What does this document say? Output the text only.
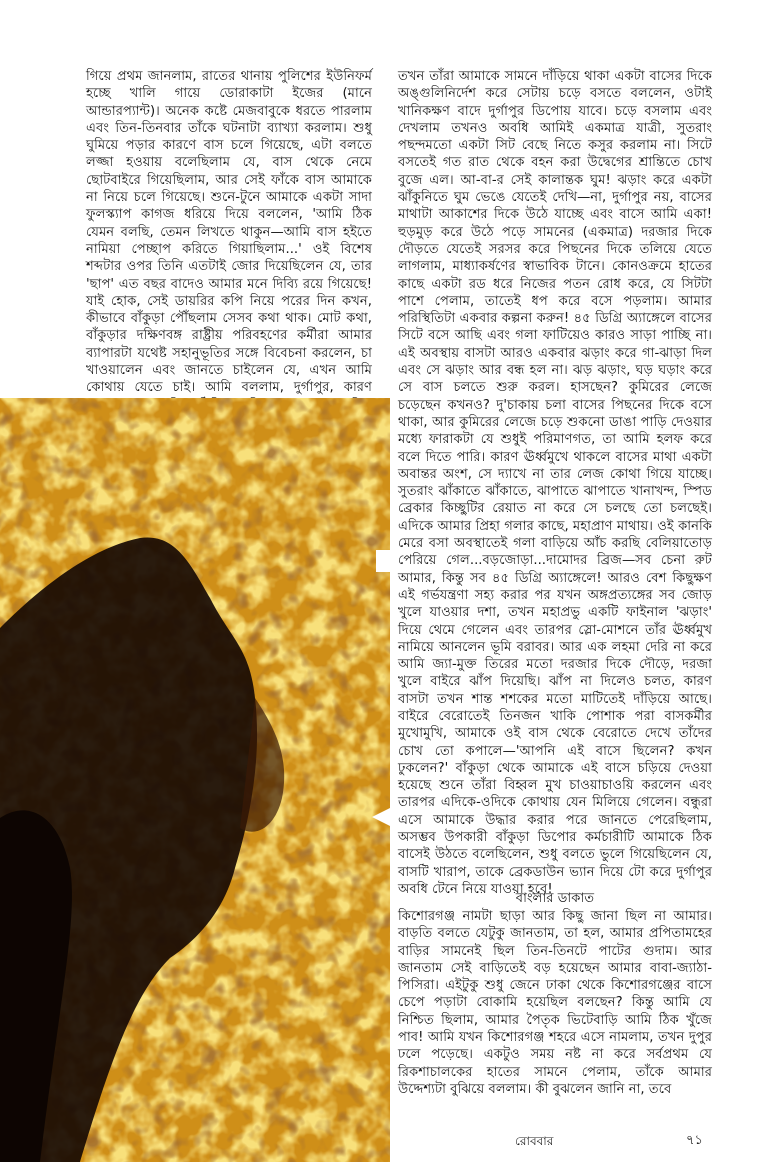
গিয়ে প্রথম জানলাম, রাতের থানায় পুলিশের ইউনিফর্ম হচ্ছে খালি গায়ে ডোরাকাটা ইজের (মানে আন্ডারপ্যান্ট)। অনেক কষ্টে মেজবাবুকে ধরতে পারলাম এবং তিন-তিনবার তাঁকে ঘটনাটা ব্যাখ্যা করলাম। শুধু ঘুমিয়ে পড়ার কারণে বাস চলে গিয়েছে, এটা বলতে লজ্জা হওয়ায় বলেছিলাম যে, বাস থেকে নেমে ছোটবাইরে গিয়েছিলাম, আর সেই ফাঁকে বাস আমাকে না নিয়ে চলে গিয়েছে। শুনে-টুনে আমাকে একটা সাদা ফুলস্ক্যাপ কাগজ ধরিয়ে দিয়ে বললেন, 'আমি ঠিক যেমন বলছি, তেমন লিখতে থাকুন—আমি বাস হইতে নামিয়া পেচ্ছাপ করিতে গিয়াছিলাম...' ওই বিশেষ শব্দটার ওপর তিনি এতটাই জোর দিয়েছিলেন যে, তার 'ছাপ' এত বছর বাদেও আমার মনে দিব্যি রয়ে গিয়েছে! যাই হোক, সেই ডায়রির কপি নিয়ে পরের দিন কখন, কীভাবে বাঁকুড়া পৌঁছলাম সেসব কথা থাক। মোট কথা, বাঁকুড়ার দক্ষিণবঙ্গ রাষ্ট্রীয় পরিবহণের কর্মীরা আমার ব্যাপারটা যথেষ্ট সহানুভূতির সঙ্গে বিবেচনা করলেন, চা খাওয়ালেন এবং জানতে চাইলেন যে, এখন আমি কোথায় যেতে চাই। আমি বললাম, দুর্গাপুর, কারণ

তখন তাঁরা আমাকে সামনে দাঁড়িয়ে থাকা একটা বাসের দিকে অঙ্গুলিনির্দেশ করে সেটায় চড়ে বসতে বললেন, ওটাই খানিকক্ষণ বাদে দুর্গাপুর ডিপোয় যাবে। চড়ে বসলাম এবং দেখলাম তখনও অবধি আমিই একমাত্র যাত্রী, সুতরাং পছন্দমতো একটা সিট বেছে নিতে কসুর করলাম না। সিটে বসতেই গত রাত থেকে বহন করা উদ্বেগের শ্রান্তিতে চোখ বুজে এল। আ-বা-র সেই কালান্তক ঘুম! ঝড়াং করে একটা ঝাঁকুনিতে ঘুম ভেঙে যেতেই দেখি—না, দুর্গাপুর নয়, বাসের মাথাটা আকাশের দিকে উঠে যাচ্ছে এবং বাসে আমি একা! হুড়মুড় করে উঠে পড়ে সামনের (একমাত্র) দরজার দিকে দৌড়তে যেতেই সরসর করে পিছনের দিকে তলিয়ে যেতে লাগলাম, মাধ্যাকর্ষণের স্বাভাবিক টানে। কোনওক্রমে হাতের কাছে একটা রড ধরে নিজের পতন রোধ করে, যে সিটটা পাশে পেলাম, তাতেই ধপ করে বসে পড়লাম। আমার পরিস্থিতিটা একবার কল্পনা করুন! ৪৫ ডিগ্রি অ্যাঙ্গেলে বাসের সিটে বসে আছি এবং গলা ফাটিয়েও কারও সাড়া পাচ্ছি না। এই অবস্থায় বাসটা আরও একবার ঝড়াং করে গা-ঝাড়া দিল এবং সে ঝড়াং আর বন্ধ হল না। ঝড় ঝড়াং, ঘড় ঘড়াং করে সে বাস চলতে শুরু করল। হাসছেন? কুমিরের লেজে চড়েছেন কখনও? দু'চাকায় চলা বাসের পিছনের দিকে বসে থাকা, আর কুমিরের লেজে চড়ে শুকনো ডাঙা পাড়ি দেওয়ার মধ্যে ফারাকটা যে শুধুই পরিমাণগত, তা আমি হলফ করে বলে দিতে পারি। কারণ ঊর্ধ্বমুখে থাকলে বাসের মাথা একটা অবান্তর অংশ, সে দ্যাখে না তার লেজ কোথা গিয়ে যাচ্ছে। সুতরাং ঝাঁকাতে ঝাঁকাতে, ঝাপাতে ঝাপাতে খানাখন্দ, স্পিড ব্রেকার কিচ্ছুটির রেয়াত না করে সে চলছে তো চলছেই। এদিকে আমার প্রিহা গলার কাছে, মহাপ্রাণ মাথায়। ওই কানকি মেরে বসা অবস্থাতেই গলা বাড়িয়ে আঁচ করছি বেলিয়াতোড় পেরিয়ে গেল...বড়জোড়া...দামোদর ব্রিজ—সব চেনা রুট আমার, কিন্তু সব ৪৫ ডিগ্রি অ্যাঙ্গেলে! আরও বেশ কিছুক্ষণ এই গর্ভযন্ত্রণা সহ্য করার পর যখন অঙ্গপ্রত্যঙ্গের সব জোড় খুলে যাওয়ার দশা, তখন মহাপ্রভু একটি ফাইনাল 'ঝড়াং' দিয়ে থেমে গেলেন এবং তারপর স্লো-মোশনে তাঁর ঊর্ধ্বমুখ নামিয়ে আনলেন ভূমি বরাবর। আর এক লহমা দেরি না করে আমি জ্যা-মুক্ত তিরের মতো দরজার দিকে দৌড়ে, দরজা খুলে বাইরে ঝাঁপ দিয়েছি। ঝাঁপ না দিলেও চলত, কারণ বাসটা তখন শান্ত শশকের মতো মাটিতেই দাঁড়িয়ে আছে। বাইরে বেরোতেই তিনজন খাকি পোশাক পরা বাসকর্মীর মুখোমুখি, আমাকে ওই বাস থেকে বেরোতে দেখে তাঁদের চোখ তো কপালে—'আপনি এই বাসে ছিলেন? কখন ঢুকলেন?' বাঁকুড়া থেকে আমাকে এই বাসে চড়িয়ে দেওয়া হয়েছে শুনে তাঁরা বিহ্বল মুখ চাওয়াচাওয়ি করলেন এবং তারপর এদিকে-ওদিকে কোথায় যেন মিলিয়ে গেলেন। বন্ধুরা এসে আমাকে উদ্ধার করার পরে জানতে পেরেছিলাম, অসম্ভব উপকারী বাঁকুড়া ডিপোর কর্মচারীটি আমাকে ঠিক বাসেই উঠতে বলেছিলেন, শুধু বলতে ভুলে গিয়েছিলেন যে, বাসটি খারাপ, তাকে ব্রেকডাউন ভ্যান দিয়ে টো করে দুর্গাপুর অবধি টেনে নিয়ে যাওয়া হবে!

বাংলার ডাকাত

কিশোরগঞ্জ নামটা ছাড়া আর কিছু জানা ছিল না আমার। বাড়তি বলতে যেটুকু জানতাম, তা হল, আমার প্রপিতামহের বাড়ির সামনেই ছিল তিন-তিনটে পাটের গুদাম। আর জানতাম সেই বাড়িতেই বড় হয়েছেন আমার বাবা-জ্যাঠা-পিসিরা। এইটুকু শুধু জেনে ঢাকা থেকে কিশোরগঞ্জের বাসে চেপে পড়াটা বোকামি হয়েছিল বলছেন? কিন্তু আমি যে নিশ্চিত ছিলাম, আমার পৈতৃক ভিটেবাড়ি আমি ঠিক খুঁজে পাব! আমি যখন কিশোরগঞ্জ শহরে এসে নামলাম, তখন দুপুর ঢলে পড়েছে। একটুও সময় নষ্ট না করে সর্বপ্রথম যে রিকশাচালকের হাতের সামনে পেলাম, তাঁকে আমার উদ্দেশ্যটা বুঝিয়ে বললাম। কী বুঝলেন জানি না, তবে

রোববার	৭১
